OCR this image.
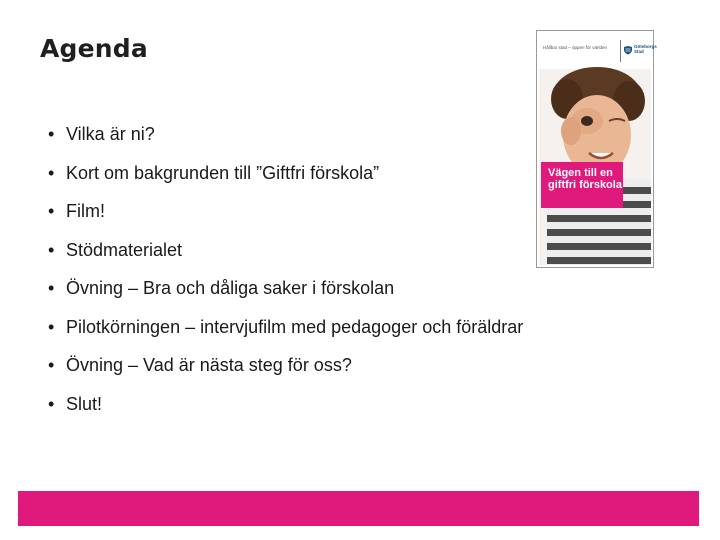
Agenda
• Vilka är ni?
• Kort om bakgrunden till ”Giftfri förskola”
• Film!
• Stödmaterialet
• Övning – Bra och dåliga saker i förskolan
• Pilotkörningen – intervjufilm med pedagoger och föräldrar
• Övning – Vad är nästa steg för oss?
• Slut!
Hållbar stad – öppen för världen	Göteborgs Stad
Vägen till en
giftfri förskola
